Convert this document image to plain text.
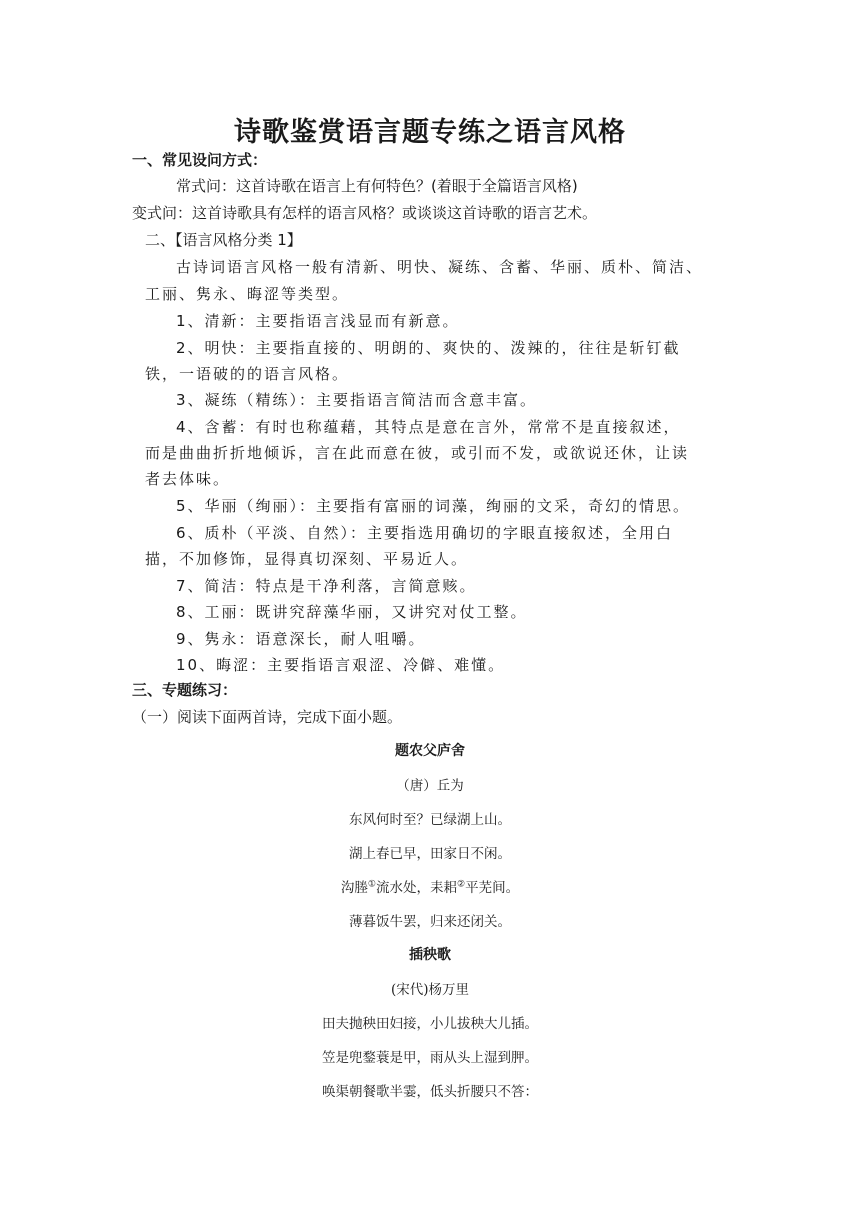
诗歌鉴赏语言题专练之语言风格
一、常见设问方式：
常式问：这首诗歌在语言上有何特色？(着眼于全篇语言风格)
变式问：这首诗歌具有怎样的语言风格？或谈谈这首诗歌的语言艺术。
二、【语言风格分类 1】
古诗词语言风格一般有清新、明快、凝练、含蓄、华丽、质朴、简洁、
工丽、隽永、晦涩等类型。
1、清新：主要指语言浅显而有新意。
2、明快：主要指直接的、明朗的、爽快的、泼辣的，往往是斩钉截
铁，一语破的的语言风格。
3、凝练（精练）：主要指语言简洁而含意丰富。
4、含蓄：有时也称蕴藉，其特点是意在言外，常常不是直接叙述，
而是曲曲折折地倾诉，言在此而意在彼，或引而不发，或欲说还休，让读
者去体味。
5、华丽（绚丽）：主要指有富丽的词藻，绚丽的文采，奇幻的情思。
6、质朴（平淡、自然）：主要指选用确切的字眼直接叙述，全用白
描，不加修饰，显得真切深刻、平易近人。
7、简洁：特点是干净利落，言简意赅。
8、工丽：既讲究辞藻华丽，又讲究对仗工整。
9、隽永：语意深长，耐人咀嚼。
10、晦涩：主要指语言艰涩、冷僻、难懂。
三、专题练习：
（一）阅读下面两首诗，完成下面小题。
题农父庐舍
（唐）丘为
东风何时至？已绿湖上山。
湖上春已早，田家日不闲。
沟塍①流水处，耒耜②平芜间。
薄暮饭牛罢，归来还闭关。
插秧歌
(宋代)杨万里
田夫抛秧田妇接，小儿拔秧大儿插。
笠是兜鍪蓑是甲，雨从头上湿到胛。
唤渠朝餐歌半霎，低头折腰只不答：
